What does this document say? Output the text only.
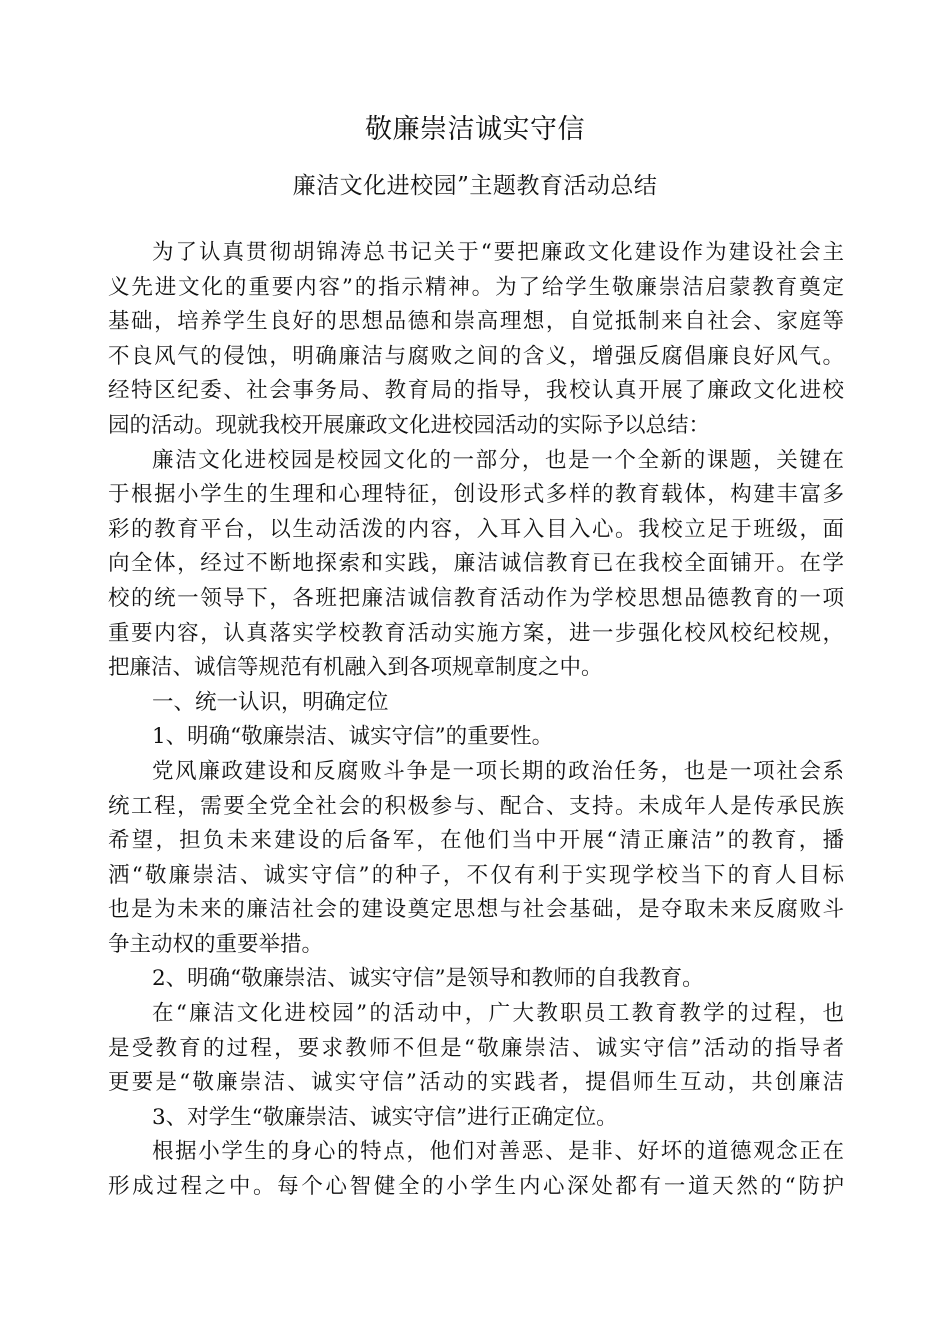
敬廉崇洁诚实守信
廉洁文化进校园”主题教育活动总结
为了认真贯彻胡锦涛总书记关于“要把廉政文化建设作为建设社会主
义先进文化的重要内容”的指示精神。为了给学生敬廉崇洁启蒙教育奠定
基础，培养学生良好的思想品德和崇高理想，自觉抵制来自社会、家庭等
不良风气的侵蚀，明确廉洁与腐败之间的含义，增强反腐倡廉良好风气。
经特区纪委、社会事务局、教育局的指导，我校认真开展了廉政文化进校
园的活动。现就我校开展廉政文化进校园活动的实际予以总结：
廉洁文化进校园是校园文化的一部分，也是一个全新的课题，关键在
于根据小学生的生理和心理特征，创设形式多样的教育载体，构建丰富多
彩的教育平台，以生动活泼的内容，入耳入目入心。我校立足于班级，面
向全体，经过不断地探索和实践，廉洁诚信教育已在我校全面铺开。在学
校的统一领导下，各班把廉洁诚信教育活动作为学校思想品德教育的一项
重要内容，认真落实学校教育活动实施方案，进一步强化校风校纪校规，
把廉洁、诚信等规范有机融入到各项规章制度之中。
一、统一认识，明确定位
1、明确“敬廉崇洁、诚实守信”的重要性。
党风廉政建设和反腐败斗争是一项长期的政治任务，也是一项社会系
统工程，需要全党全社会的积极参与、配合、支持。未成年人是传承民族
希望，担负未来建设的后备军，在他们当中开展“清正廉洁”的教育，播
洒“敬廉崇洁、诚实守信”的种子，不仅有利于实现学校当下的育人目标
也是为未来的廉洁社会的建设奠定思想与社会基础，是夺取未来反腐败斗
争主动权的重要举措。
2、明确“敬廉崇洁、诚实守信”是领导和教师的自我教育。
在“廉洁文化进校园”的活动中，广大教职员工教育教学的过程，也
是受教育的过程，要求教师不但是“敬廉崇洁、诚实守信”活动的指导者
更要是“敬廉崇洁、诚实守信”活动的实践者，提倡师生互动，共创廉洁
3、对学生“敬廉崇洁、诚实守信”进行正确定位。
根据小学生的身心的特点，他们对善恶、是非、好坏的道德观念正在
形成过程之中。每个心智健全的小学生内心深处都有一道天然的“防护
